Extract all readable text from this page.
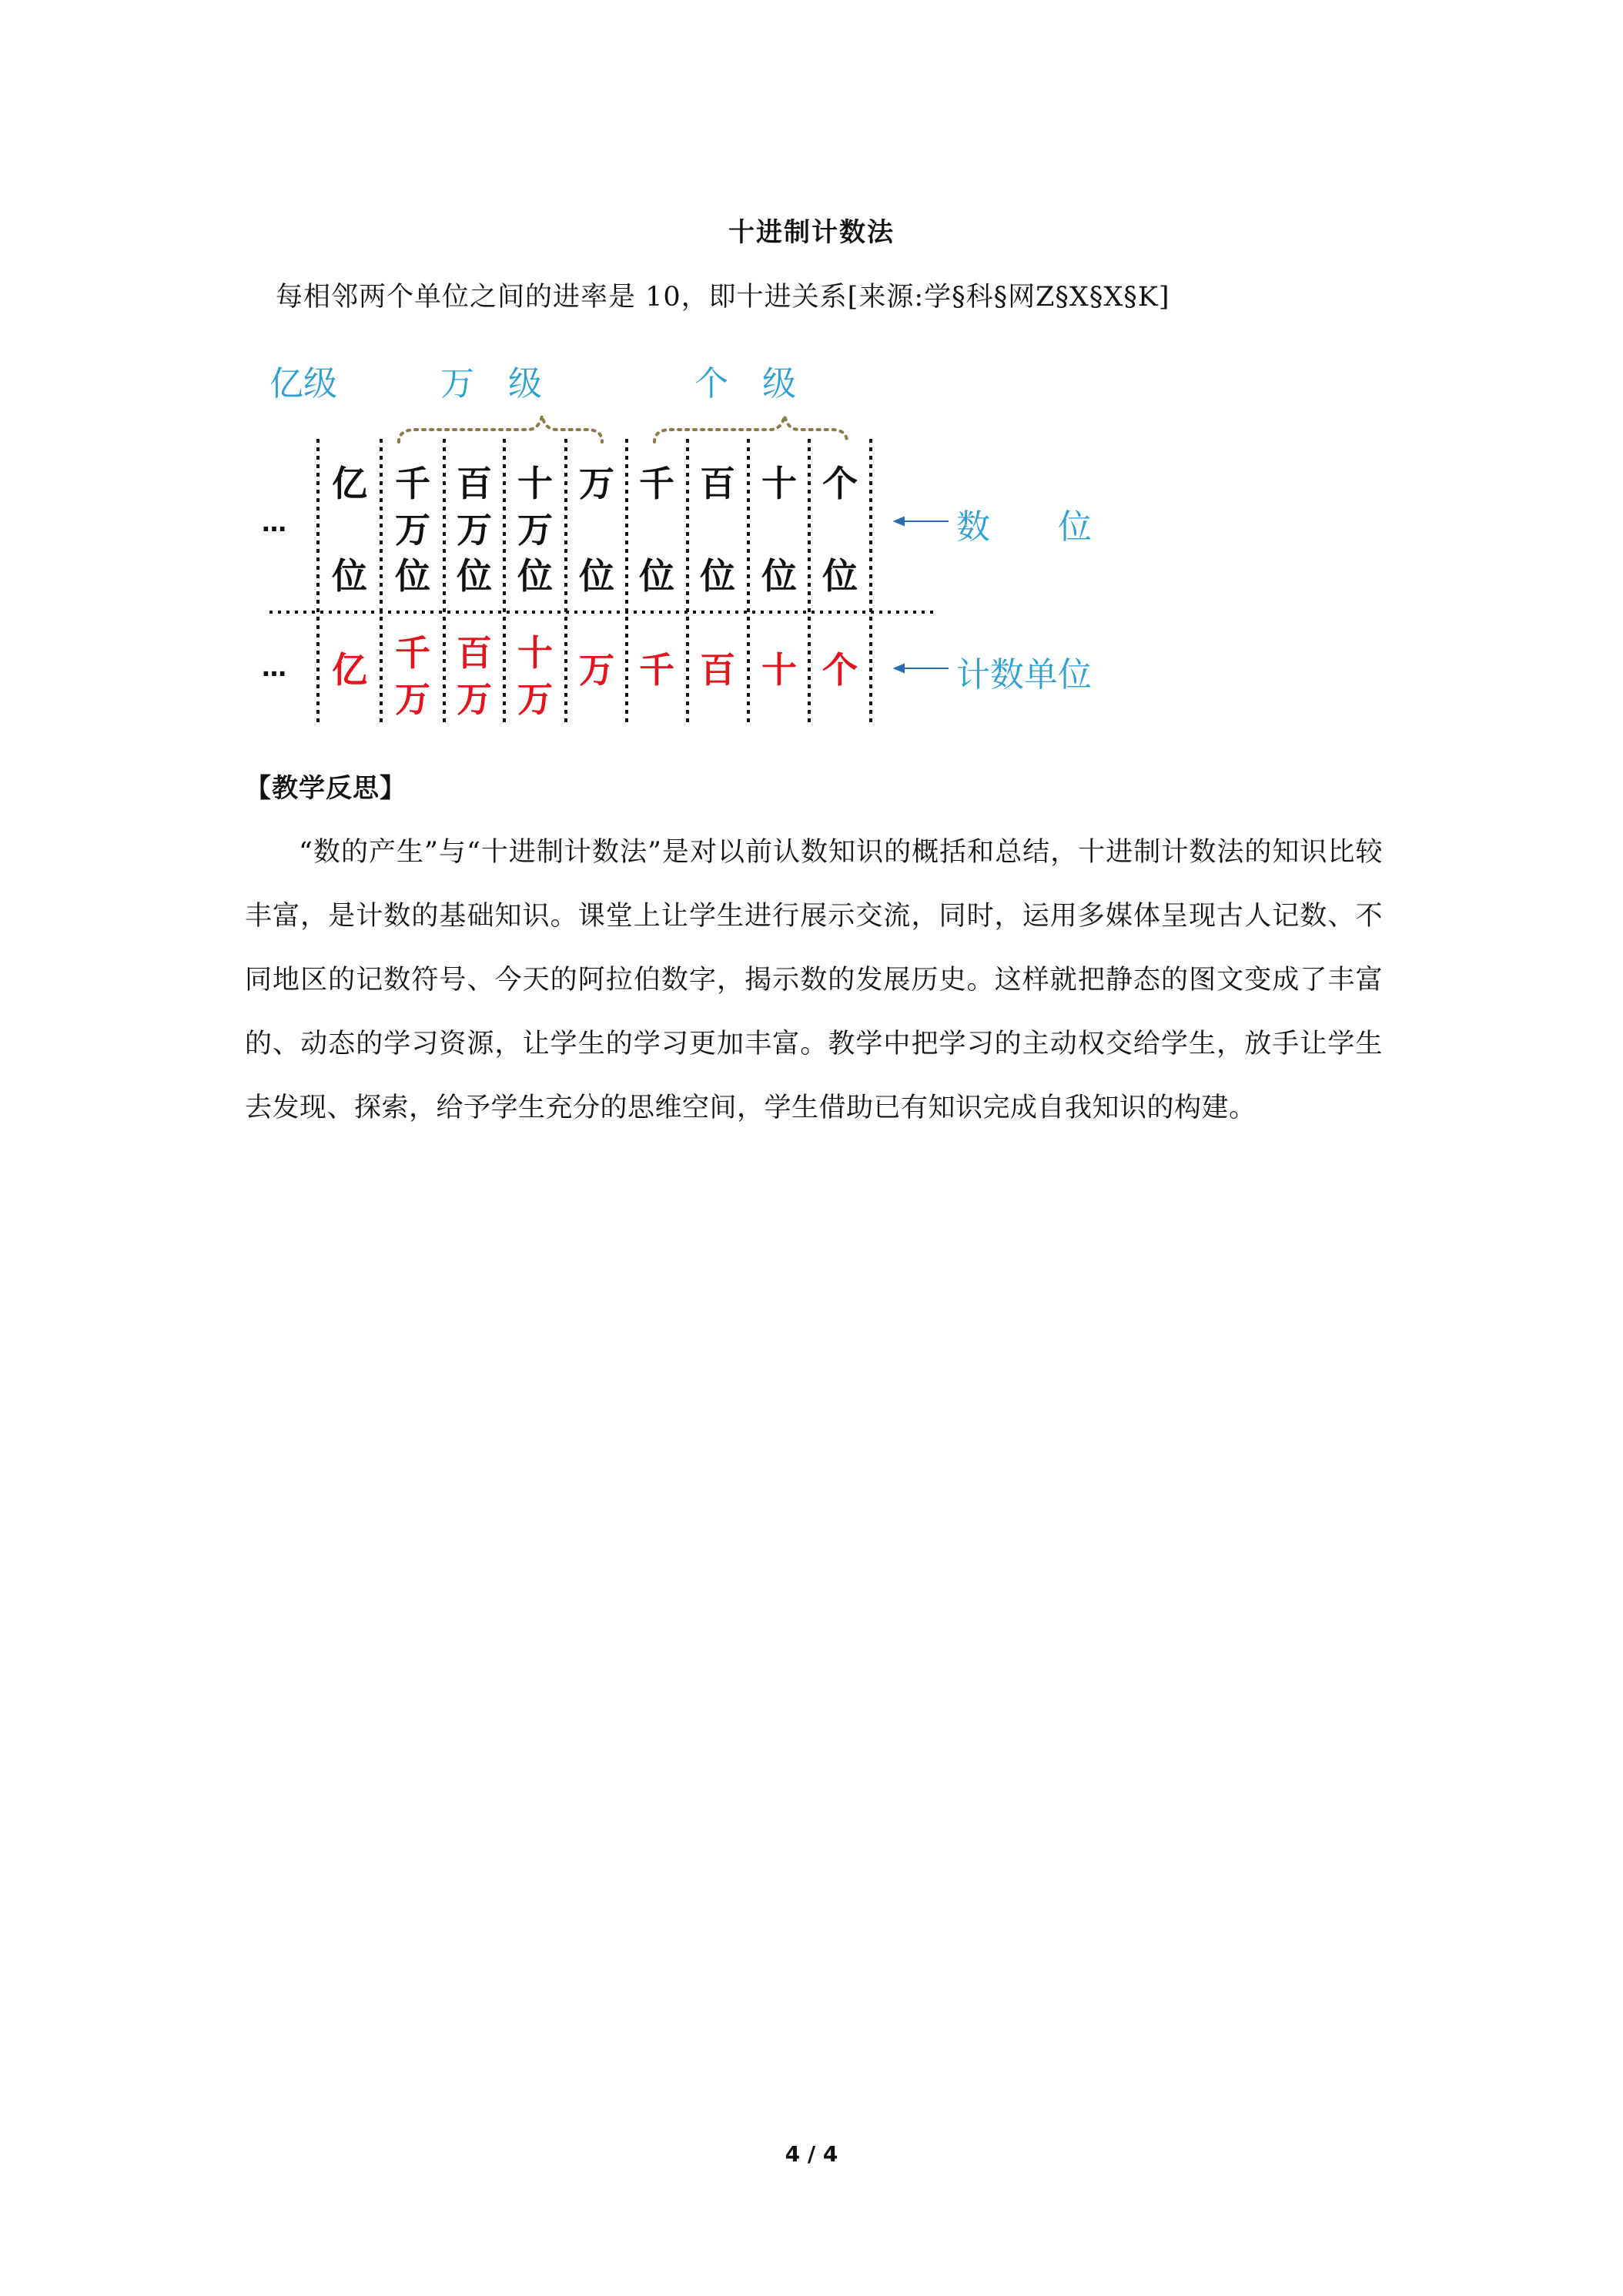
十进制计数法
每相邻两个单位之间的进率是 10，即十进关系[来源:学§科§网Z§X§X§K]
亿级	万　级	个　级
…
…
亿
位
千
万
位
百
万
位
十
万
位
万
位
千
位
百
位
十
位
个
位
亿 千
万
百
万
十
万
万 千 百 十 个
数　　位
计数单位
【教学反思】
“数的产生”与“十进制计数法”是对以前认数知识的概括和总结，十进制计数法的知识比较丰富，是计数的基础知识。课堂上让学生进行展示交流，同时，运用多媒体呈现古人记数、不同地区的记数符号、今天的阿拉伯数字，揭示数的发展历史。这样就把静态的图文变成了丰富的、动态的学习资源，让学生的学习更加丰富。教学中把学习的主动权交给学生，放手让学生去发现、探索，给予学生充分的思维空间，学生借助已有知识完成自我知识的构建。
4 / 4
